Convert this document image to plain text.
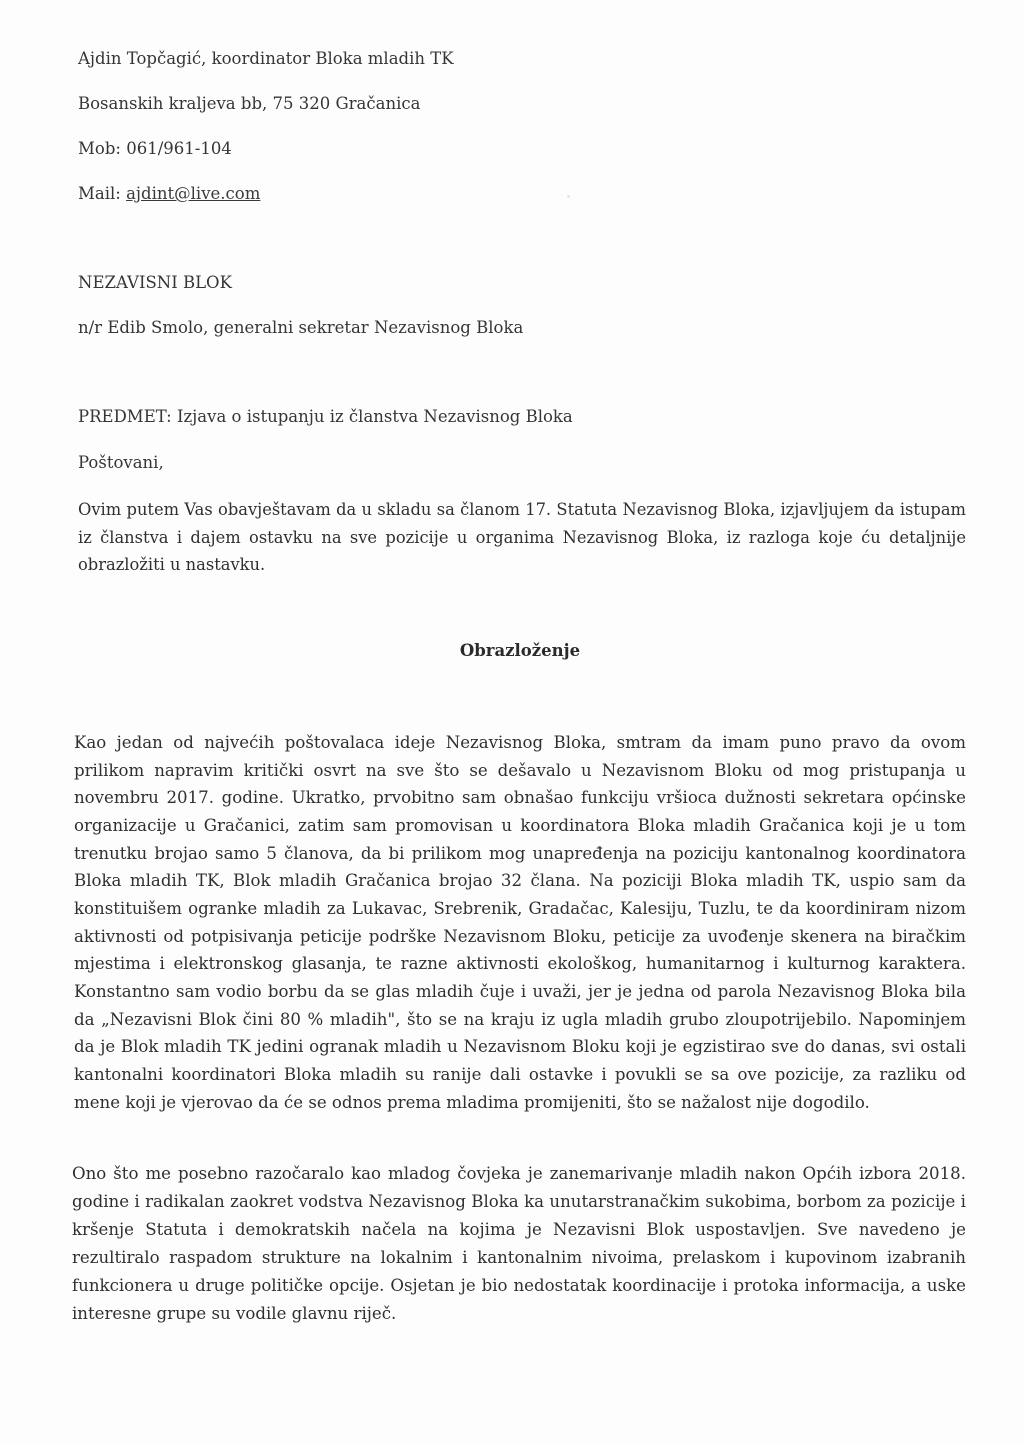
Ajdin Topčagić, koordinator Bloka mladih TK

Bosanskih kraljeva bb, 75 320 Gračanica

Mob: 061/961-104

Mail: ajdint@live.com

NEZAVISNI BLOK

n/r Edib Smolo, generalni sekretar Nezavisnog Bloka

PREDMET: Izjava o istupanju iz članstva Nezavisnog Bloka

Poštovani,

Ovim putem Vas obavještavam da u skladu sa članom 17. Statuta Nezavisnog Bloka, izjavljujem da istupam iz članstva i dajem ostavku na sve pozicije u organima Nezavisnog Bloka, iz razloga koje ću detaljnije obrazložiti u nastavku.

Obrazloženje

Kao jedan od najvećih poštovalaca ideje Nezavisnog Bloka, smtram da imam puno pravo da ovom prilikom napravim kritički osvrt na sve što se dešavalo u Nezavisnom Bloku od mog pristupanja u novembru 2017. godine. Ukratko, prvobitno sam obnašao funkciju vršioca dužnosti sekretara općinske organizacije u Gračanici, zatim sam promovisan u koordinatora Bloka mladih Gračanica koji je u tom trenutku brojao samo 5 članova, da bi prilikom mog unapređenja na poziciju kantonalnog koordinatora Bloka mladih TK, Blok mladih Gračanica brojao 32 člana. Na poziciji Bloka mladih TK, uspio sam da konstituišem ogranke mladih za Lukavac, Srebrenik, Gradačac, Kalesiju, Tuzlu, te da koordiniram nizom aktivnosti od potpisivanja peticije podrške Nezavisnom Bloku, peticije za uvođenje skenera na biračkim mjestima i elektronskog glasanja, te razne aktivnosti ekološkog, humanitarnog i kulturnog karaktera. Konstantno sam vodio borbu da se glas mladih čuje i uvaži, jer je jedna od parola Nezavisnog Bloka bila da „Nezavisni Blok čini 80 % mladih", što se na kraju iz ugla mladih grubo zloupotrijebilo. Napominjem da je Blok mladih TK jedini ogranak mladih u Nezavisnom Bloku koji je egzistirao sve do danas, svi ostali kantonalni koordinatori Bloka mladih su ranije dali ostavke i povukli se sa ove pozicije, za razliku od mene koji je vjerovao da će se odnos prema mladima promijeniti, što se nažalost nije dogodilo.

Ono što me posebno razočaralo kao mladog čovjeka je zanemarivanje mladih nakon Općih izbora 2018. godine i radikalan zaokret vodstva Nezavisnog Bloka ka unutarstranačkim sukobima, borbom za pozicije i kršenje Statuta i demokratskih načela na kojima je Nezavisni Blok uspostavljen. Sve navedeno je rezultiralo raspadom strukture na lokalnim i kantonalnim nivoima, prelaskom i kupovinom izabranih funkcionera u druge političke opcije. Osjetan je bio nedostatak koordinacije i protoka informacija, a uske interesne grupe su vodile glavnu riječ.
